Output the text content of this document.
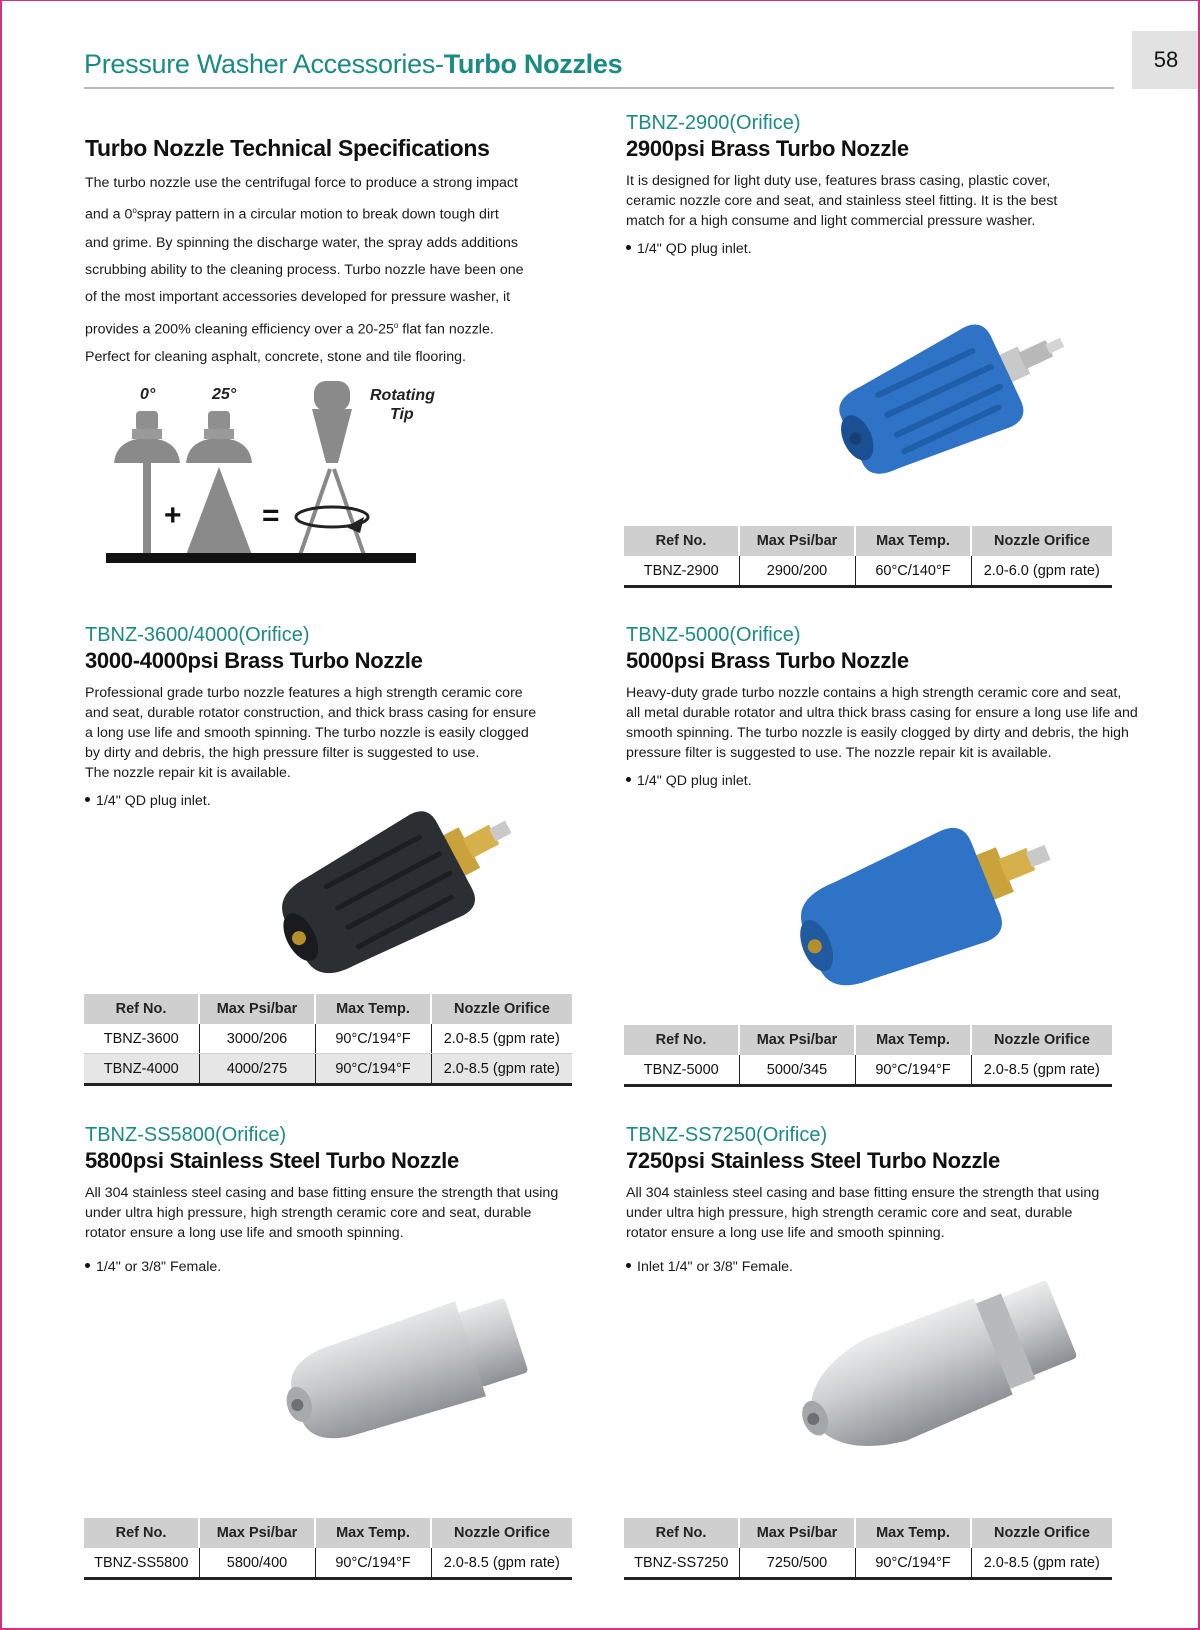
Pressure Washer Accessories-Turbo Nozzles	58
Turbo Nozzle Technical Specifications
The turbo nozzle use the centrifugal force to produce a strong impact and a 0$^o$spray pattern in a circular motion to break down tough dirt and grime. By spinning the discharge water, the spray adds additions scrubbing ability to the cleaning process. Turbo nozzle have been one of the most important accessories developed for pressure washer, it provides a 200% cleaning efficiency over a 20-25$^o$ flat fan nozzle. Perfect for cleaning asphalt, concrete, stone and tile flooring.
0°	25°	Rotating
Tip
+	=
TBNZ-2900(Orifice)
2900psi Brass Turbo Nozzle
It is designed for light duty use, features brass casing, plastic cover, ceramic nozzle core and seat, and stainless steel fitting. It is the best match for a high consume and light commercial pressure washer.
1/4" QD plug inlet.
Ref No.	Max Psi/bar	Max Temp.	Nozzle Orifice
TBNZ-2900	2900/200	60°C/140°F	2.0-6.0 (gpm rate)
TBNZ-3600/4000(Orifice)
3000-4000psi Brass Turbo Nozzle
Professional grade turbo nozzle features a high strength ceramic core
and seat, durable rotator construction, and thick brass casing for ensure
a long use life and smooth spinning. The turbo nozzle is easily clogged
by dirty and debris, the high pressure filter is suggested to use.
The nozzle repair kit is available.
1/4" QD plug inlet.
Ref No.	Max Psi/bar	Max Temp.	Nozzle Orifice
TBNZ-3600	3000/206	90°C/194°F	2.0-8.5 (gpm rate)
TBNZ-4000	4000/275	90°C/194°F	2.0-8.5 (gpm rate)
TBNZ-5000(Orifice)
5000psi Brass Turbo Nozzle
Heavy-duty grade turbo nozzle contains a high strength ceramic core and seat,
all metal durable rotator and ultra thick brass casing for ensure a long use life and
smooth spinning. The turbo nozzle is easily clogged by dirty and debris, the high
pressure filter is suggested to use. The nozzle repair kit is available.
1/4" QD plug inlet.
Ref No.	Max Psi/bar	Max Temp.	Nozzle Orifice
TBNZ-5000	5000/345	90°C/194°F	2.0-8.5 (gpm rate)
TBNZ-SS5800(Orifice)
5800psi Stainless Steel Turbo Nozzle
All 304 stainless steel casing and base fitting ensure the strength that using
under ultra high pressure, high strength ceramic core and seat, durable
rotator ensure a long use life and smooth spinning.
1/4" or 3/8" Female.
Ref No.	Max Psi/bar	Max Temp.	Nozzle Orifice
TBNZ-SS5800	5800/400	90°C/194°F	2.0-8.5 (gpm rate)
TBNZ-SS7250(Orifice)
7250psi Stainless Steel Turbo Nozzle
All 304 stainless steel casing and base fitting ensure the strength that using
under ultra high pressure, high strength ceramic core and seat, durable
rotator ensure a long use life and smooth spinning.
Inlet 1/4" or 3/8" Female.
Ref No.	Max Psi/bar	Max Temp.	Nozzle Orifice
TBNZ-SS7250	7250/500	90°C/194°F	2.0-8.5 (gpm rate)
